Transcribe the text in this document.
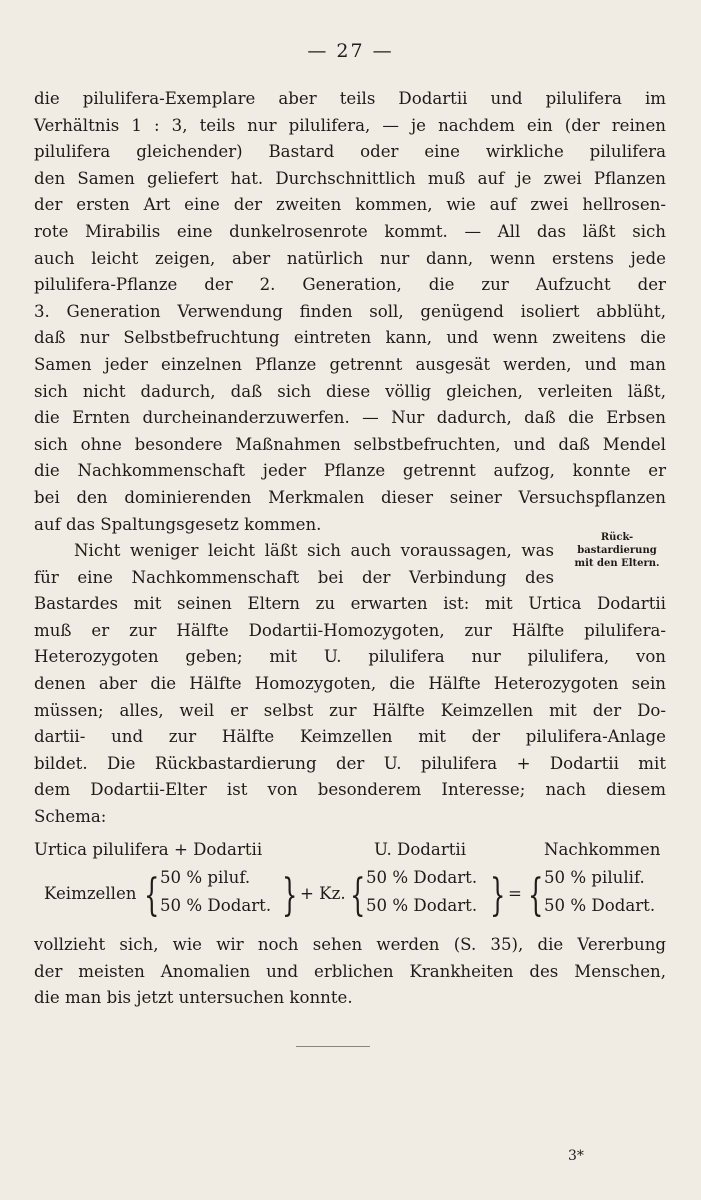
— 27 —
die pilulifera-Exemplare aber teils Dodartii und pilulifera im
Verhältnis 1 : 3, teils nur pilulifera, — je nachdem ein (der reinen
pilulifera gleichender) Bastard oder eine wirkliche pilulifera
den Samen geliefert hat. Durchschnittlich muß auf je zwei Pflanzen
der ersten Art eine der zweiten kommen, wie auf zwei hellrosen-
rote Mirabilis eine dunkelrosenrote kommt. — All das läßt sich
auch leicht zeigen, aber natürlich nur dann, wenn erstens jede
pilulifera-Pflanze der 2. Generation, die zur Aufzucht der
3. Generation Verwendung finden soll, genügend isoliert abblüht,
daß nur Selbstbefruchtung eintreten kann, und wenn zweitens die
Samen jeder einzelnen Pflanze getrennt ausgesät werden, und man
sich nicht dadurch, daß sich diese völlig gleichen, verleiten läßt,
die Ernten durcheinanderzuwerfen. — Nur dadurch, daß die Erbsen
sich ohne besondere Maßnahmen selbstbefruchten, und daß Mendel
die Nachkommenschaft jeder Pflanze getrennt aufzog, konnte er
bei den dominierenden Merkmalen dieser seiner Versuchspflanzen
auf das Spaltungsgesetz kommen.
Nicht weniger leicht läßt sich auch voraussagen, was
für eine Nachkommenschaft bei der Verbindung des
Bastardes mit seinen Eltern zu erwarten ist: mit Urtica Dodartii
muß er zur Hälfte Dodartii-Homozygoten, zur Hälfte pilulifera-
Heterozygoten geben; mit U. pilulifera nur pilulifera, von
denen aber die Hälfte Homozygoten, die Hälfte Heterozygoten sein
müssen; alles, weil er selbst zur Hälfte Keimzellen mit der Do-
dartii- und zur Hälfte Keimzellen mit der pilulifera-Anlage
bildet. Die Rückbastardierung der U. pilulifera + Dodartii mit
dem Dodartii-Elter ist von besonderem Interesse; nach diesem
Schema:
Rück-
bastardierung
mit den Eltern.
Urtica pilulifera + Dodartii	U. Dodartii	Nachkommen
Keimzellen { 50 % piluf.
50 % Dodart. } + Kz. { 50 % Dodart.
50 % Dodart. } = { 50 % pilulif.
50 % Dodart.
vollzieht sich, wie wir noch sehen werden (S. 35), die Vererbung
der meisten Anomalien und erblichen Krankheiten des Menschen,
die man bis jetzt untersuchen konnte.
3*
